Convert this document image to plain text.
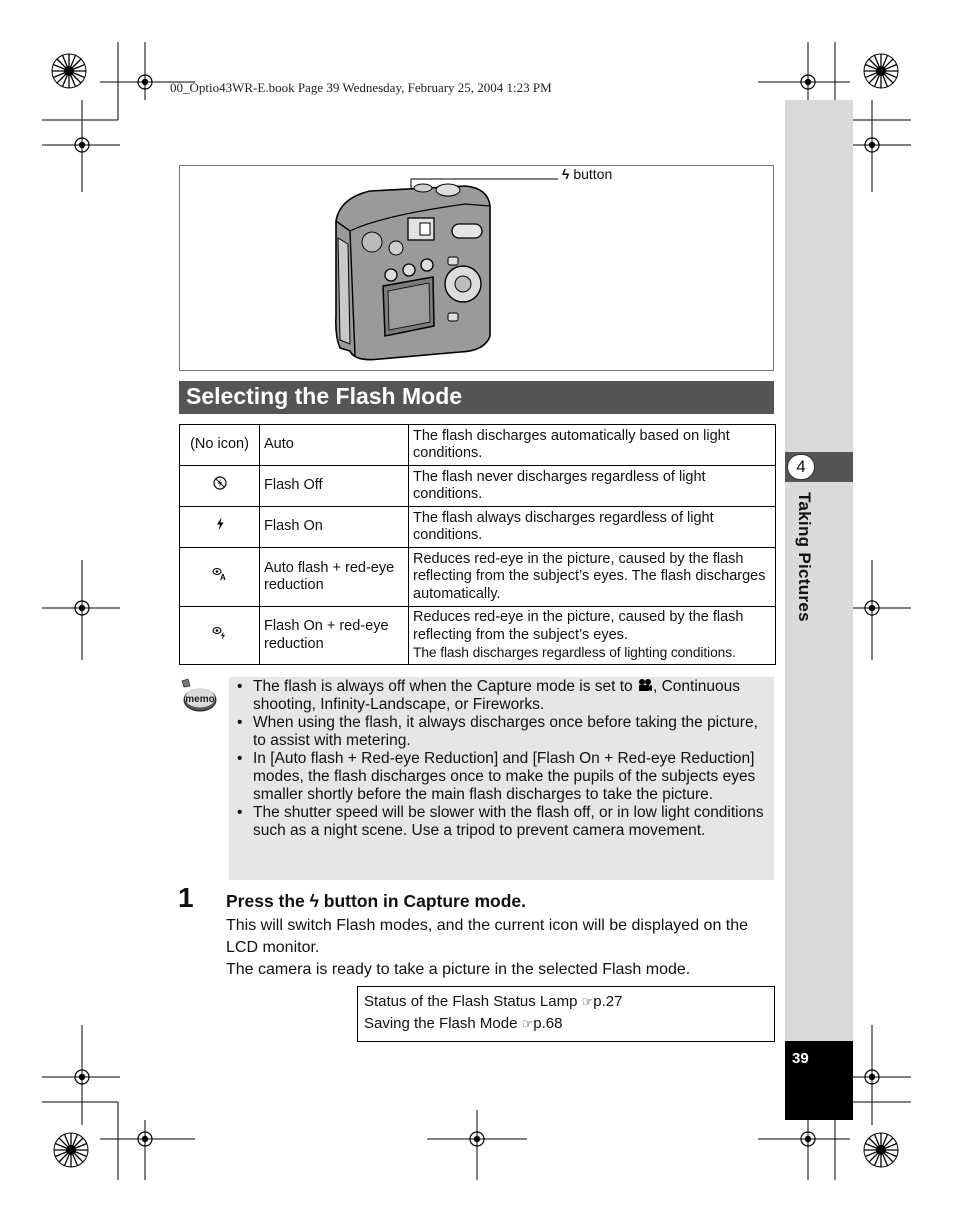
00_Optio43WR-E.book Page 39 Wednesday, February 25, 2004 1:23 PM
4
Taking Pictures
39
ϟ button
Selecting the Flash Mode
(No icon)	Auto	The flash discharges automatically based on light conditions.
	Flash Off	The flash never discharges regardless of light conditions.
	Flash On	The flash always discharges regardless of light conditions.

A	Auto flash + red-eye reduction	Reduces red-eye in the picture, caused by the flash reflecting from the subject’s eyes. The flash discharges automatically.
	Flash On + red-eye reduction	Reduces red-eye in the picture, caused by the flash reflecting from the subject’s eyes.
The flash discharges regardless of lighting conditions.
memo
• The flash is always off when the Capture mode is set to , Continuous shooting, Infinity-Landscape, or Fireworks.
• When using the flash, it always discharges once before taking the picture, to assist with metering.
• In [Auto flash + Red-eye Reduction] and [Flash On + Red-eye Reduction] modes, the flash discharges once to make the pupils of the subjects eyes smaller shortly before the main flash discharges to take the picture.
• The shutter speed will be slower with the flash off, or in low light conditions such as a night scene. Use a tripod to prevent camera movement.
1 Press the ϟ button in Capture mode.
This will switch Flash modes, and the current icon will be displayed on the LCD monitor.
The camera is ready to take a picture in the selected Flash mode.
Status of the Flash Status Lamp ☞p.27
Saving the Flash Mode ☞p.68
